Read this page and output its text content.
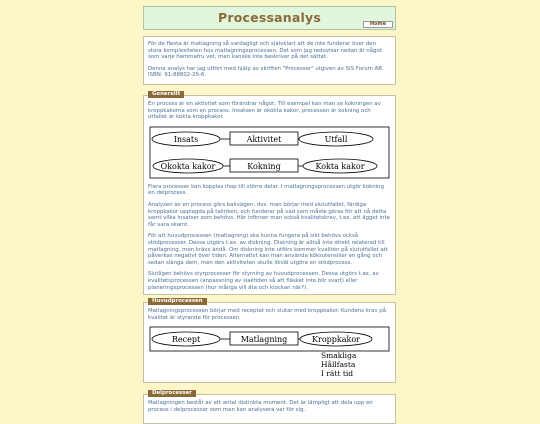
Processanalys	Home

För de flesta är matlagning så vardagligt och självklart att de inte funderar över den stora komplexiteten hos matlagningsprocessen. Det som jag redovisar nedan är något som varje hemmafru vet, men kanske inte beskriver på det sättet.

Denna analys har jag utfört med hjälp av skriften "Processer" utgiven av SIS Forum AB. ISBN: 91-88802-25-6.

En process är en aktivitet som förändrar något. Till exempel kan man se kokningen av kroppkakorna som en process. Insatsen är okokta kakor, processen är kokning och utfallet är kokta kroppkakor.

Insats	Aktivitet	Utfall
Okokta kakor	Kokning	Kokta kakor

Flera processer kan kopplas ihop till större delar. I matlagningsprocessen utgör kokning en delprocess.

Analysen av en process görs bakvägen, dvs. man börjar med slututfallet, färdiga kroppkakor upplagda på tallriken, och funderar på vad som måste göras för att nå detta samt vilka insatser som behövs. Här infinner man också kvalitetskrav, t.ex. att ägget inte får vara skamt.

För att huvudprocessen (matlagning) ska kunna fungera på sikt behövs också stödprocesser. Dessa utgörs t.ex. av diskning. Diskning är alltså inte direkt relaterad till matlagning, men krävs ändå. Om diskning inte utförs kommer kvalitén på slututfallet att påverkas negativt över tiden. Alternativt kan man använda köksutensilier en gång och sedan slänga dem, men den aktiviteten skulle likväl utgöra en stödprocess.

Slutligen behövs styrprocesser för styrning av huvudprocessen. Dessa utgörs t.ex. av kvalitetsprocessen (anpassning av slaktiden så att fläsket inte blir svart) eller planeringsprocessen (hur många vill äta och klockan när?).

Generellt

Matlagningsprocessen börjar med receptet och slutar med kroppkakor. Kundens krav på kvalitet är styrande för processen.

Recept	Matlagning	Kroppkakor
Smakliga
Hållfasta
I rätt tid
Huvudprocessen

Matlagningen består av ett antal distinkta moment. Det är lämpligt att dela upp en process i delprocesser som man kan analysera var för sig.

Delprocesser
